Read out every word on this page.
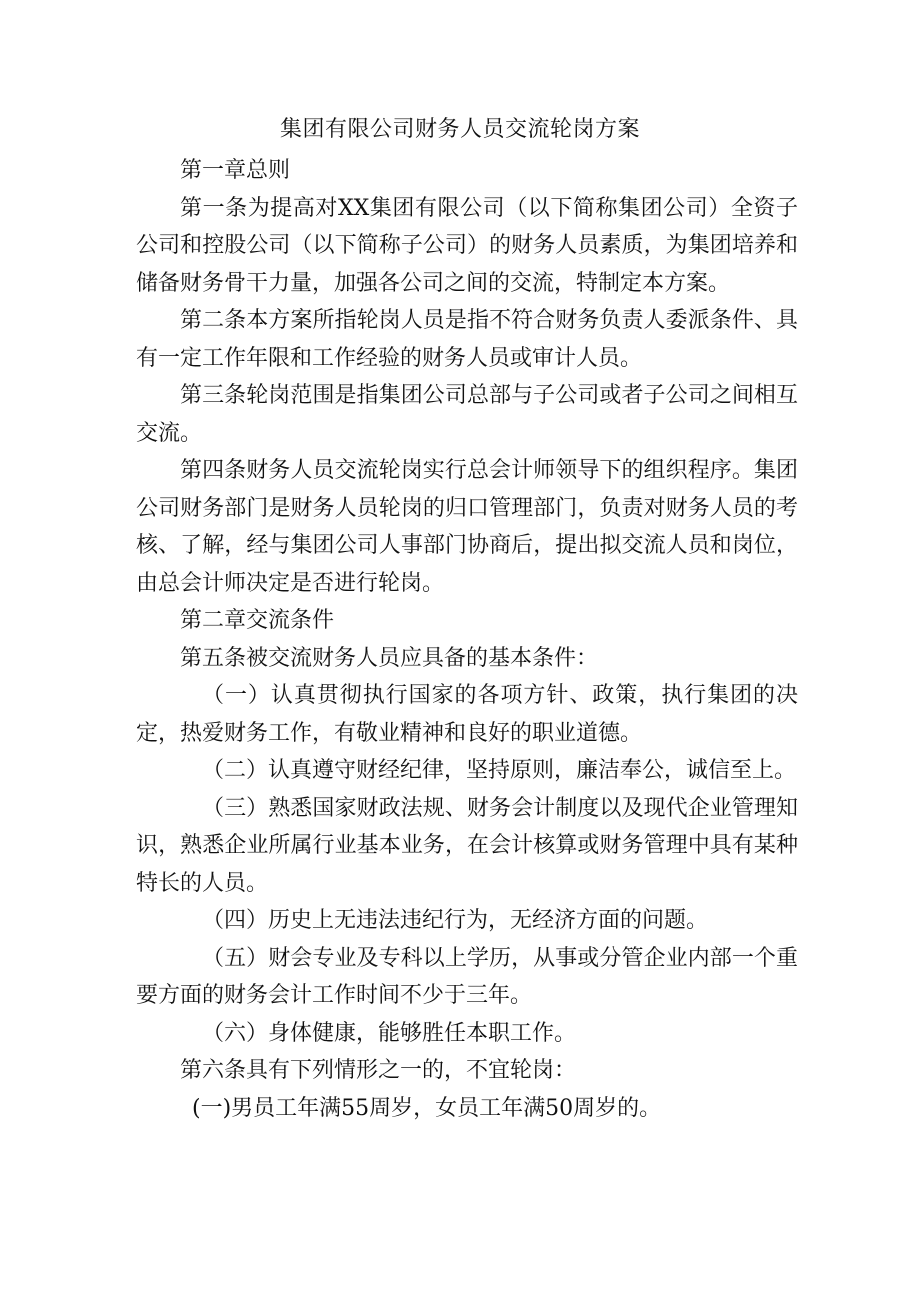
集团有限公司财务人员交流轮岗方案

第一章总则

第一条为提高对XX集团有限公司（以下简称集团公司）全资子公司和控股公司（以下简称子公司）的财务人员素质，为集团培养和储备财务骨干力量，加强各公司之间的交流，特制定本方案。

第二条本方案所指轮岗人员是指不符合财务负责人委派条件、具有一定工作年限和工作经验的财务人员或审计人员。

第三条轮岗范围是指集团公司总部与子公司或者子公司之间相互交流。

第四条财务人员交流轮岗实行总会计师领导下的组织程序。集团公司财务部门是财务人员轮岗的归口管理部门，负责对财务人员的考核、了解，经与集团公司人事部门协商后，提出拟交流人员和岗位，由总会计师决定是否进行轮岗。

第二章交流条件

第五条被交流财务人员应具备的基本条件：

（一）认真贯彻执行国家的各项方针、政策，执行集团的决定，热爱财务工作，有敬业精神和良好的职业道德。

（二）认真遵守财经纪律，坚持原则，廉洁奉公，诚信至上。

（三）熟悉国家财政法规、财务会计制度以及现代企业管理知识，熟悉企业所属行业基本业务，在会计核算或财务管理中具有某种特长的人员。

（四）历史上无违法违纪行为，无经济方面的问题。

（五）财会专业及专科以上学历，从事或分管企业内部一个重要方面的财务会计工作时间不少于三年。

（六）身体健康，能够胜任本职工作。

第六条具有下列情形之一的，不宜轮岗：

(一)男员工年满55周岁，女员工年满50周岁的。
